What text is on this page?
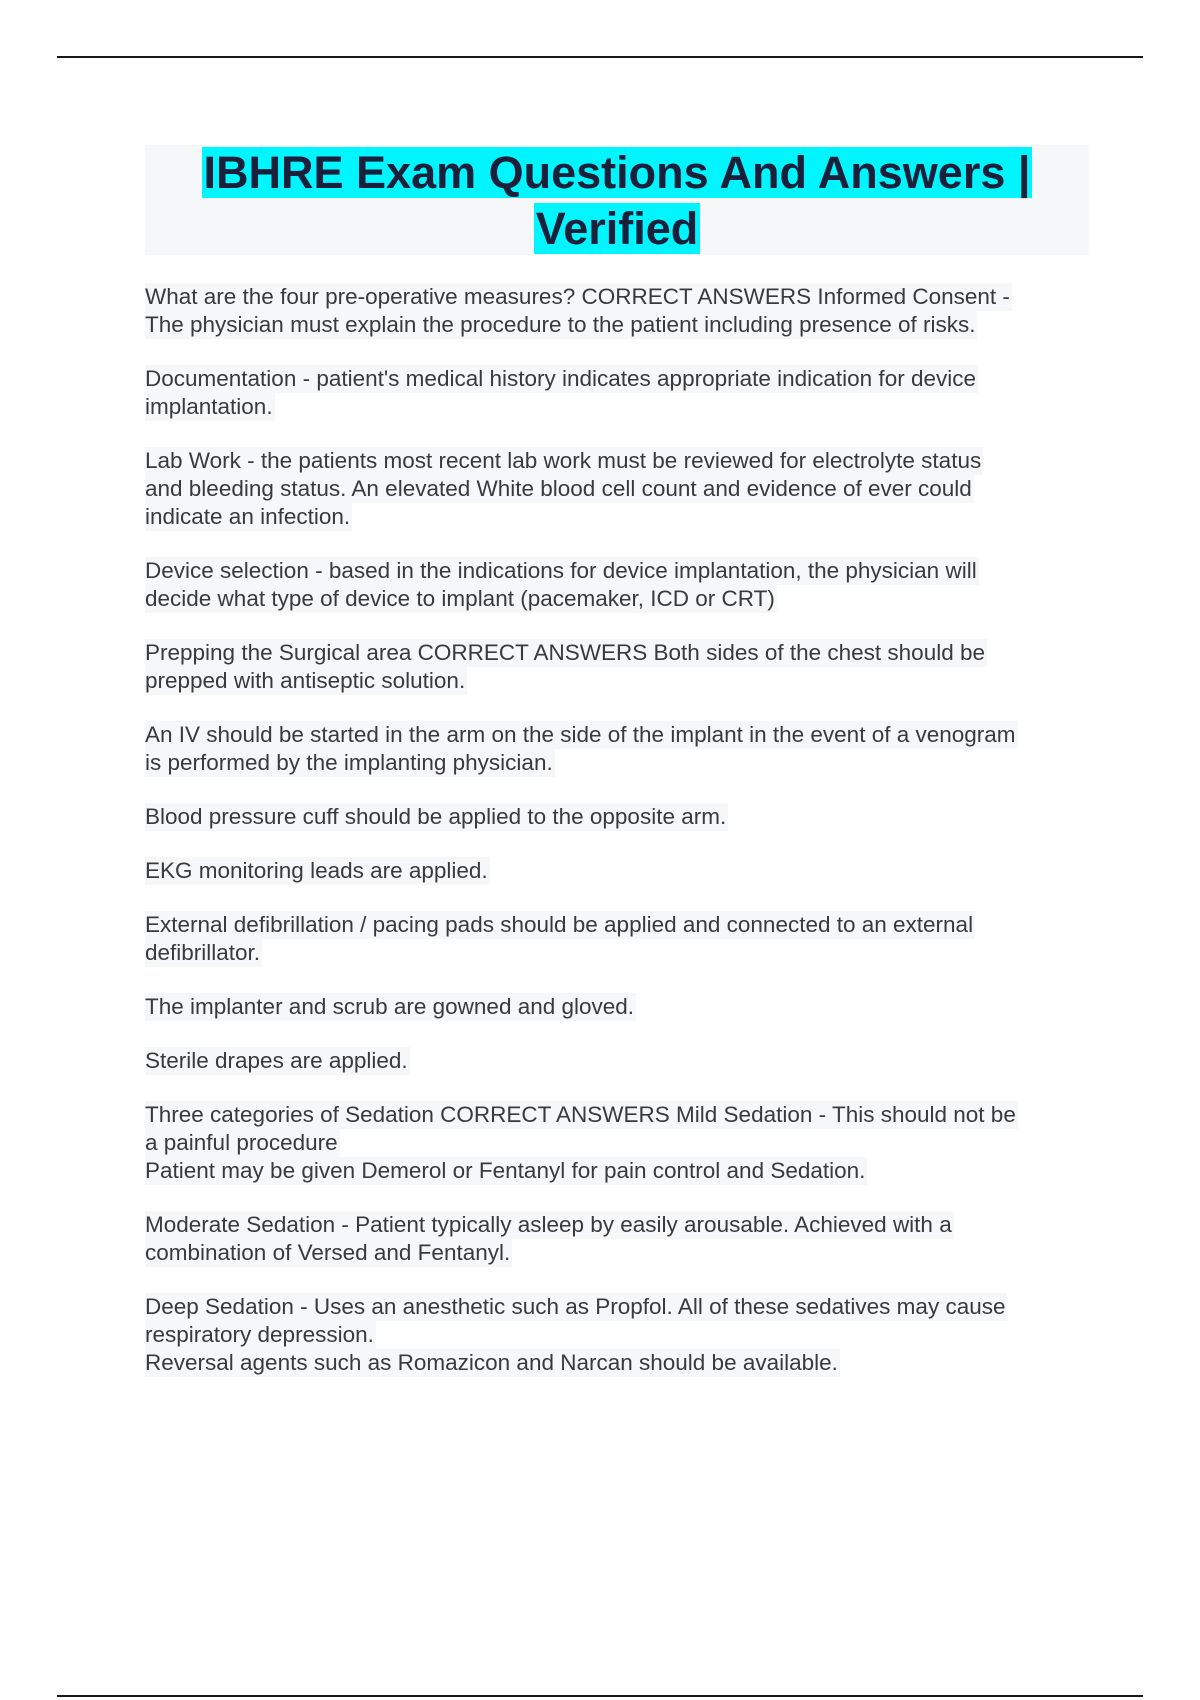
IBHRE Exam Questions And Answers |
Verified

What are the four pre-operative measures? CORRECT ANSWERS Informed Consent -
The physician must explain the procedure to the patient including presence of risks.

Documentation - patient's medical history indicates appropriate indication for device
implantation.

Lab Work - the patients most recent lab work must be reviewed for electrolyte status
and bleeding status. An elevated White blood cell count and evidence of ever could
indicate an infection.

Device selection - based in the indications for device implantation, the physician will
decide what type of device to implant (pacemaker, ICD or CRT)

Prepping the Surgical area CORRECT ANSWERS Both sides of the chest should be
prepped with antiseptic solution.

An IV should be started in the arm on the side of the implant in the event of a venogram
is performed by the implanting physician.

Blood pressure cuff should be applied to the opposite arm.

EKG monitoring leads are applied.

External defibrillation / pacing pads should be applied and connected to an external
defibrillator.

The implanter and scrub are gowned and gloved.

Sterile drapes are applied.

Three categories of Sedation CORRECT ANSWERS Mild Sedation - This should not be
a painful procedure
Patient may be given Demerol or Fentanyl for pain control and Sedation.

Moderate Sedation - Patient typically asleep by easily arousable. Achieved with a
combination of Versed and Fentanyl.

Deep Sedation - Uses an anesthetic such as Propfol. All of these sedatives may cause
respiratory depression.
Reversal agents such as Romazicon and Narcan should be available.
